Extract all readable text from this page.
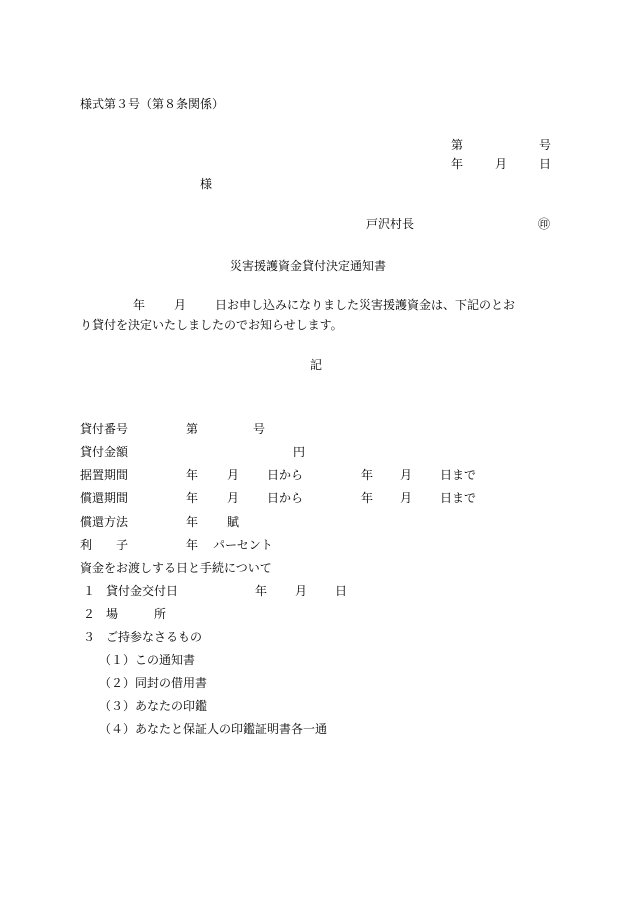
様式第３号（第８条関係）
第	号
年	月	日
様
戸沢村長	㊞
災害援護資金貸付決定通知書
年 月 日お申し込みになりました災害援護資金は、下記のとお
り貸付を決定いたしましたのでお知らせします。
記
貸付番号	第	号
貸付金額	円
据置期間	年 月 日から	年 月 日まで
償還期間	年 月 日から	年 月 日まで
償還方法	年 賦
利　　子	年 パーセント
資金をお渡しする日と手続について
１ 貸付金交付日	年 月 日
２ 場　　　所
３ ご持参なさるもの
（１）この通知書
（２）同封の借用書
（３）あなたの印鑑
（４）あなたと保証人の印鑑証明書各一通
